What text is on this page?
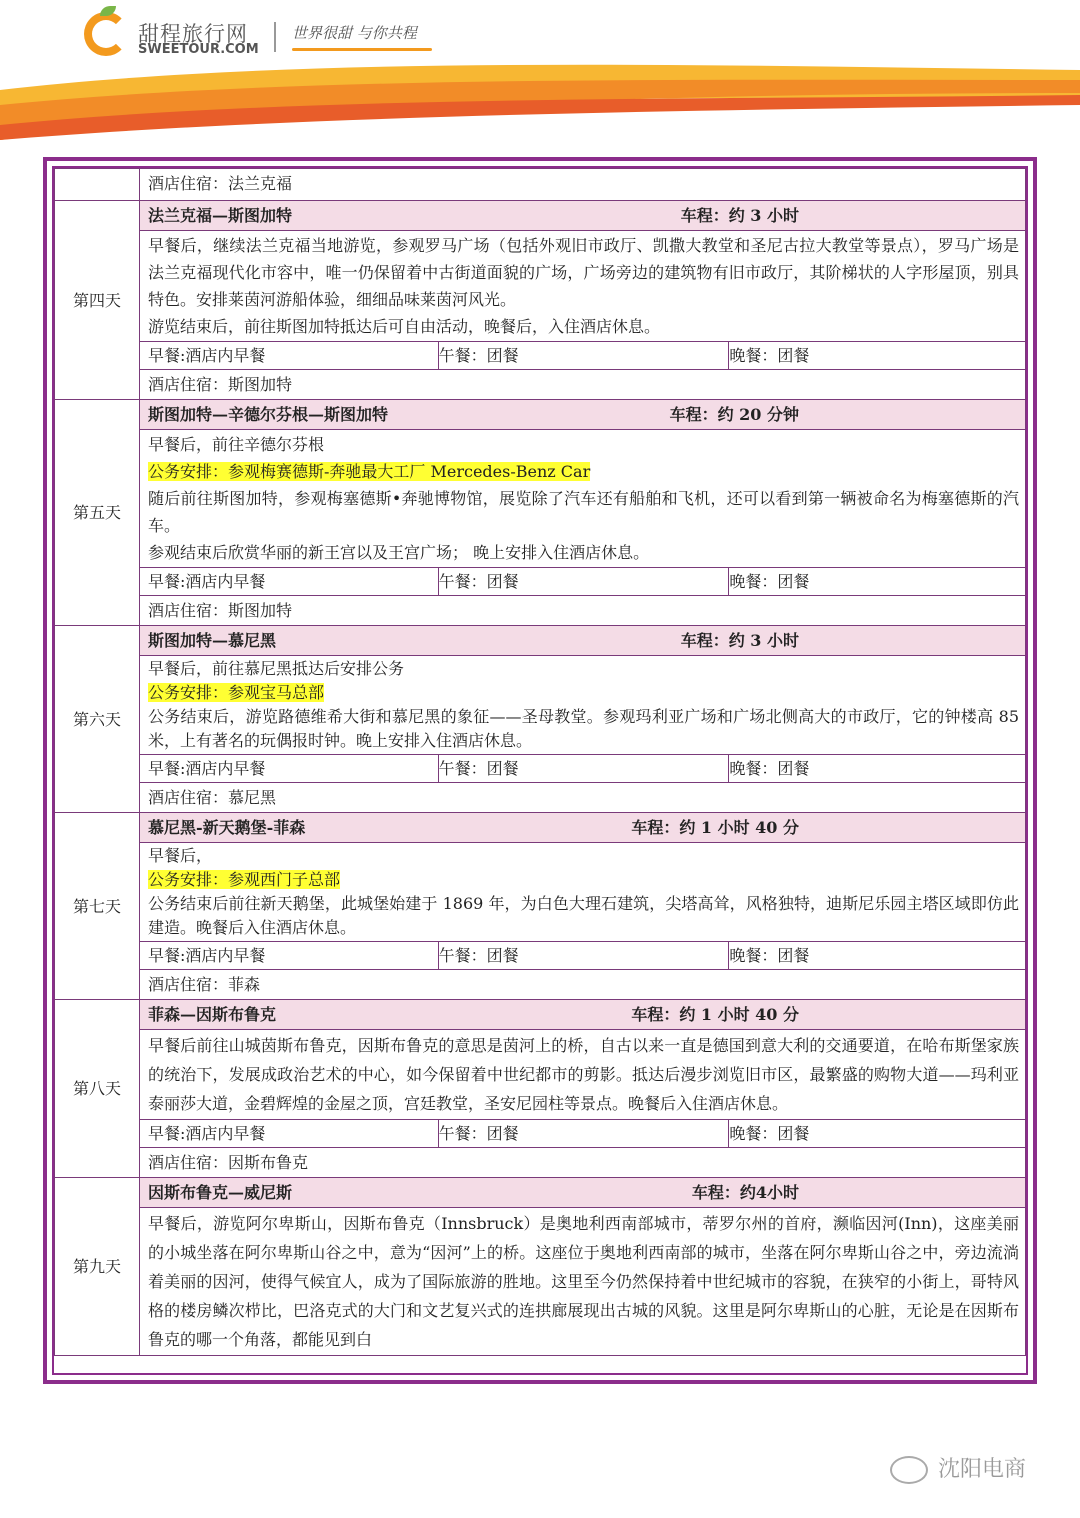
甜程旅行网
SWEETOUR.COM
世界很甜 与你共程
	酒店住宿：法兰克福
第四天	法兰克福—斯图加特 车程：约 3 小时

	早餐后，继续法兰克福当地游览，参观罗马广场（包括外观旧市政厅、凯撒大教堂和圣尼古拉大教堂等景点），罗马广场是法兰克福现代化市容中，唯一仍保留着中古街道面貌的广场，广场旁边的建筑物有旧市政厅，其阶梯状的人字形屋顶，别具特色。安排莱茵河游船体验，细细品味莱茵河风光。
游览结束后，前往斯图加特抵达后可自由活动，晚餐后，入住酒店休息。

	早餐:酒店内早餐 午餐：团餐 晚餐：团餐

	酒店住宿：斯图加特
第五天	斯图加特—辛德尔芬根—斯图加特 车程：约 20 分钟

	早餐后，前往辛德尔芬根
公务安排：参观梅赛德斯-奔驰最大工厂 Mercedes-Benz Car
随后前往斯图加特，参观梅塞德斯•奔驰博物馆，展览除了汽车还有船舶和飞机，还可以看到第一辆被命名为梅塞德斯的汽车。
参观结束后欣赏华丽的新王宫以及王宫广场； 晚上安排入住酒店休息。

	早餐:酒店内早餐 午餐：团餐 晚餐：团餐

	酒店住宿：斯图加特
第六天	斯图加特—慕尼黑 车程：约 3 小时

	早餐后，前往慕尼黑抵达后安排公务
公务安排：参观宝马总部
公务结束后，游览路德维希大街和慕尼黑的象征——圣母教堂。参观玛利亚广场和广场北侧高大的市政厅，它的钟楼高 85 米，上有著名的玩偶报时钟。晚上安排入住酒店休息。

	早餐:酒店内早餐 午餐：团餐 晚餐：团餐

	酒店住宿：慕尼黑
第七天	慕尼黑-新天鹅堡-菲森 车程：约 1 小时 40 分

	早餐后，
公务安排：参观西门子总部
公务结束后前往新天鹅堡，此城堡始建于 1869 年，为白色大理石建筑，尖塔高耸，风格独特，迪斯尼乐园主塔区域即仿此建造。晚餐后入住酒店休息。

	早餐:酒店内早餐 午餐：团餐 晚餐：团餐

	酒店住宿：菲森
第八天	菲森—因斯布鲁克 车程：约 1 小时 40 分

	早餐后前往山城茵斯布鲁克，因斯布鲁克的意思是茵河上的桥，自古以来一直是德国到意大利的交通要道，在哈布斯堡家族的统治下，发展成政治艺术的中心，如今保留着中世纪都市的剪影。抵达后漫步浏览旧市区，最繁盛的购物大道——玛利亚泰丽莎大道，金碧辉煌的金屋之顶，宫廷教堂，圣安尼园柱等景点。晚餐后入住酒店休息。

	早餐:酒店内早餐 午餐：团餐 晚餐：团餐

	酒店住宿：因斯布鲁克
第九天	因斯布鲁克—威尼斯 车程：约4小时

	早餐后，游览阿尔卑斯山，因斯布鲁克（Innsbruck）是奥地利西南部城市，蒂罗尔州的首府，濒临因河(Inn)，这座美丽的小城坐落在阿尔卑斯山谷之中，意为“因河”上的桥。这座位于奥地利西南部的城市，坐落在阿尔卑斯山谷之中，旁边流淌着美丽的因河，使得气候宜人，成为了国际旅游的胜地。这里至今仍然保持着中世纪城市的容貌，在狭窄的小街上，哥特风格的楼房鳞次栉比，巴洛克式的大门和文艺复兴式的连拱廊展现出古城的风貌。这里是阿尔卑斯山的心脏，无论是在因斯布鲁克的哪一个角落，都能见到白
沈阳电商
